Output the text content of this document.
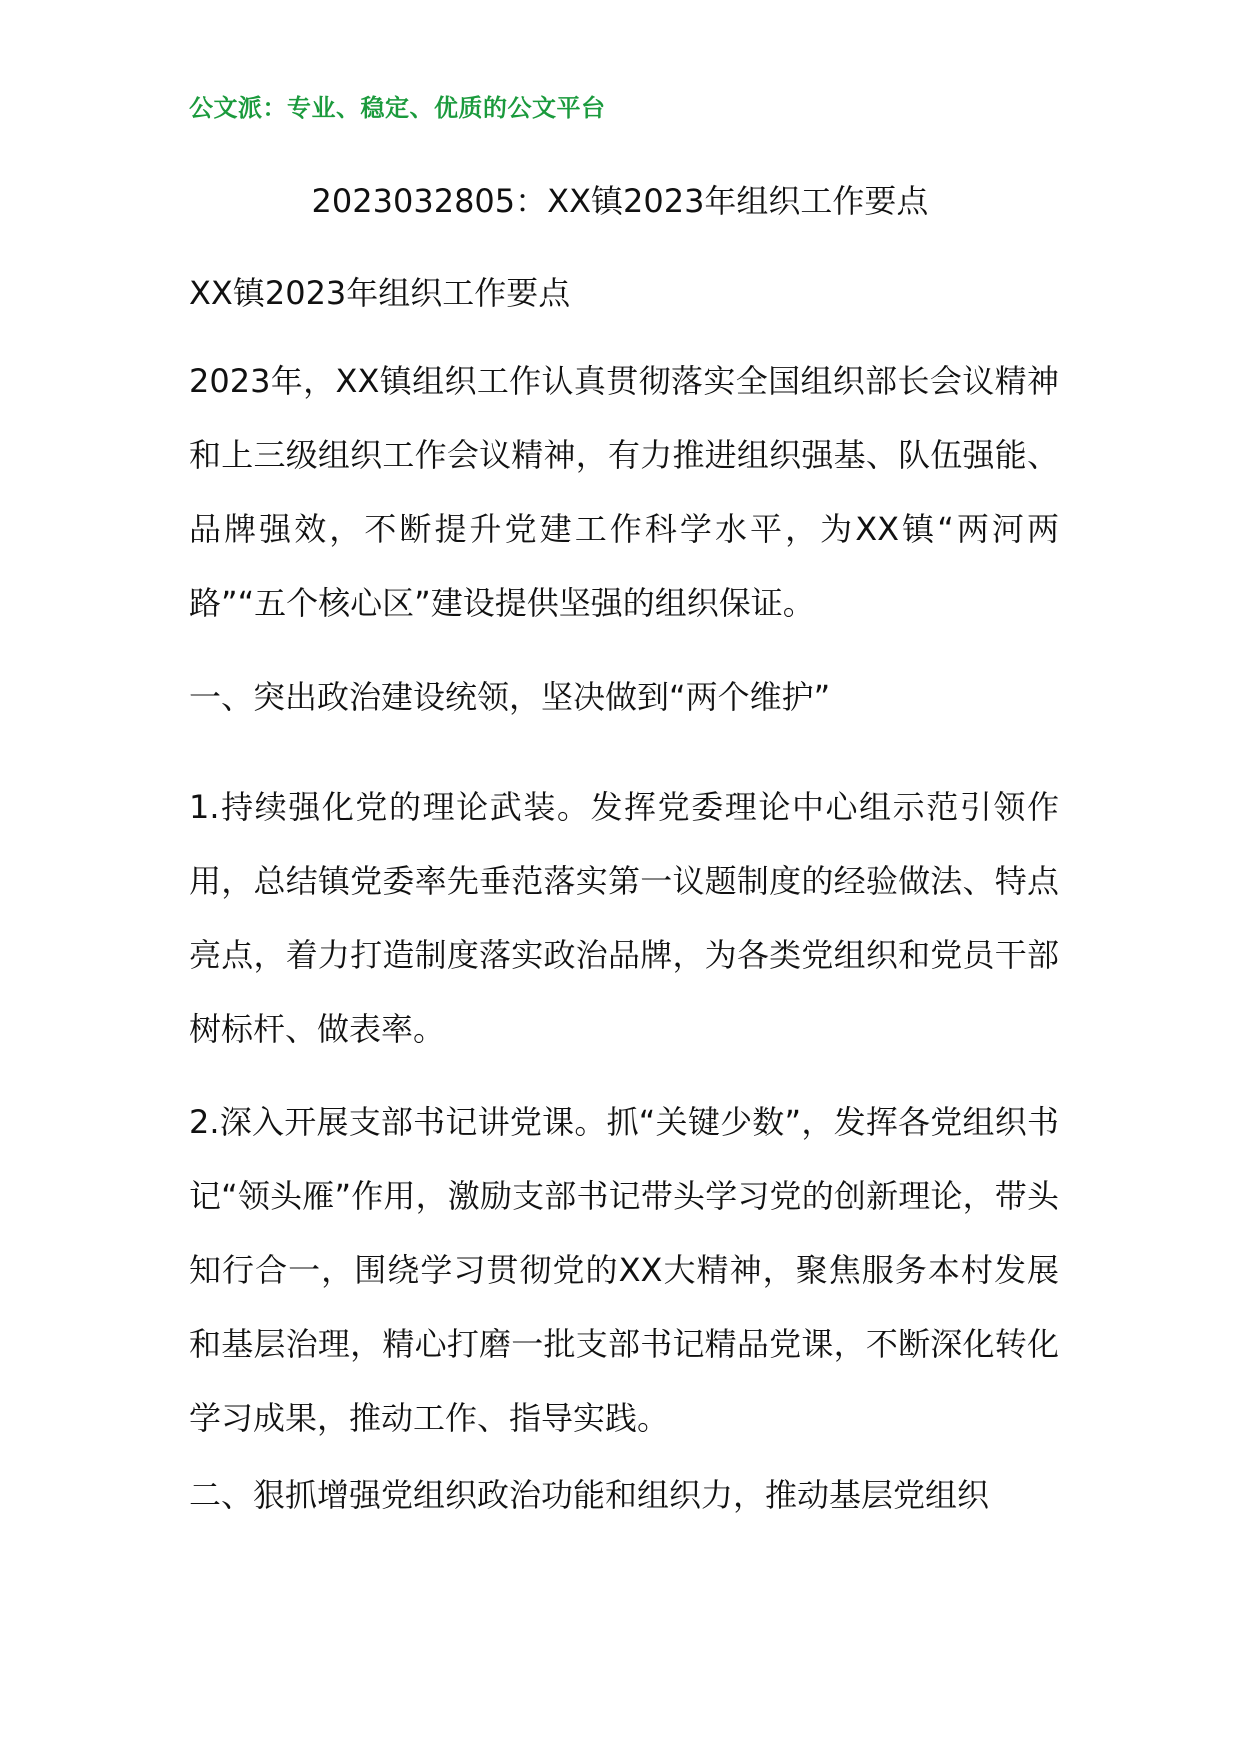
公文派：专业、稳定、优质的公文平台
2023032805：XX镇2023年组织工作要点
XX镇2023年组织工作要点

2023年，XX镇组织工作认真贯彻落实全国组织部长会议精神和上三级组织工作会议精神，有力推进组织强基、队伍强能、品牌强效，不断提升党建工作科学水平，为XX镇“两河两路”“五个核心区”建设提供坚强的组织保证。

一、突出政治建设统领，坚决做到“两个维护”

1.持续强化党的理论武装。发挥党委理论中心组示范引领作用，总结镇党委率先垂范落实第一议题制度的经验做法、特点亮点，着力打造制度落实政治品牌，为各类党组织和党员干部树标杆、做表率。

2.深入开展支部书记讲党课。抓“关键少数”，发挥各党组织书记“领头雁”作用，激励支部书记带头学习党的创新理论，带头知行合一，围绕学习贯彻党的XX大精神，聚焦服务本村发展和基层治理，精心打磨一批支部书记精品党课，不断深化转化学习成果，推动工作、指导实践。

二、狠抓增强党组织政治功能和组织力，推动基层党组织
